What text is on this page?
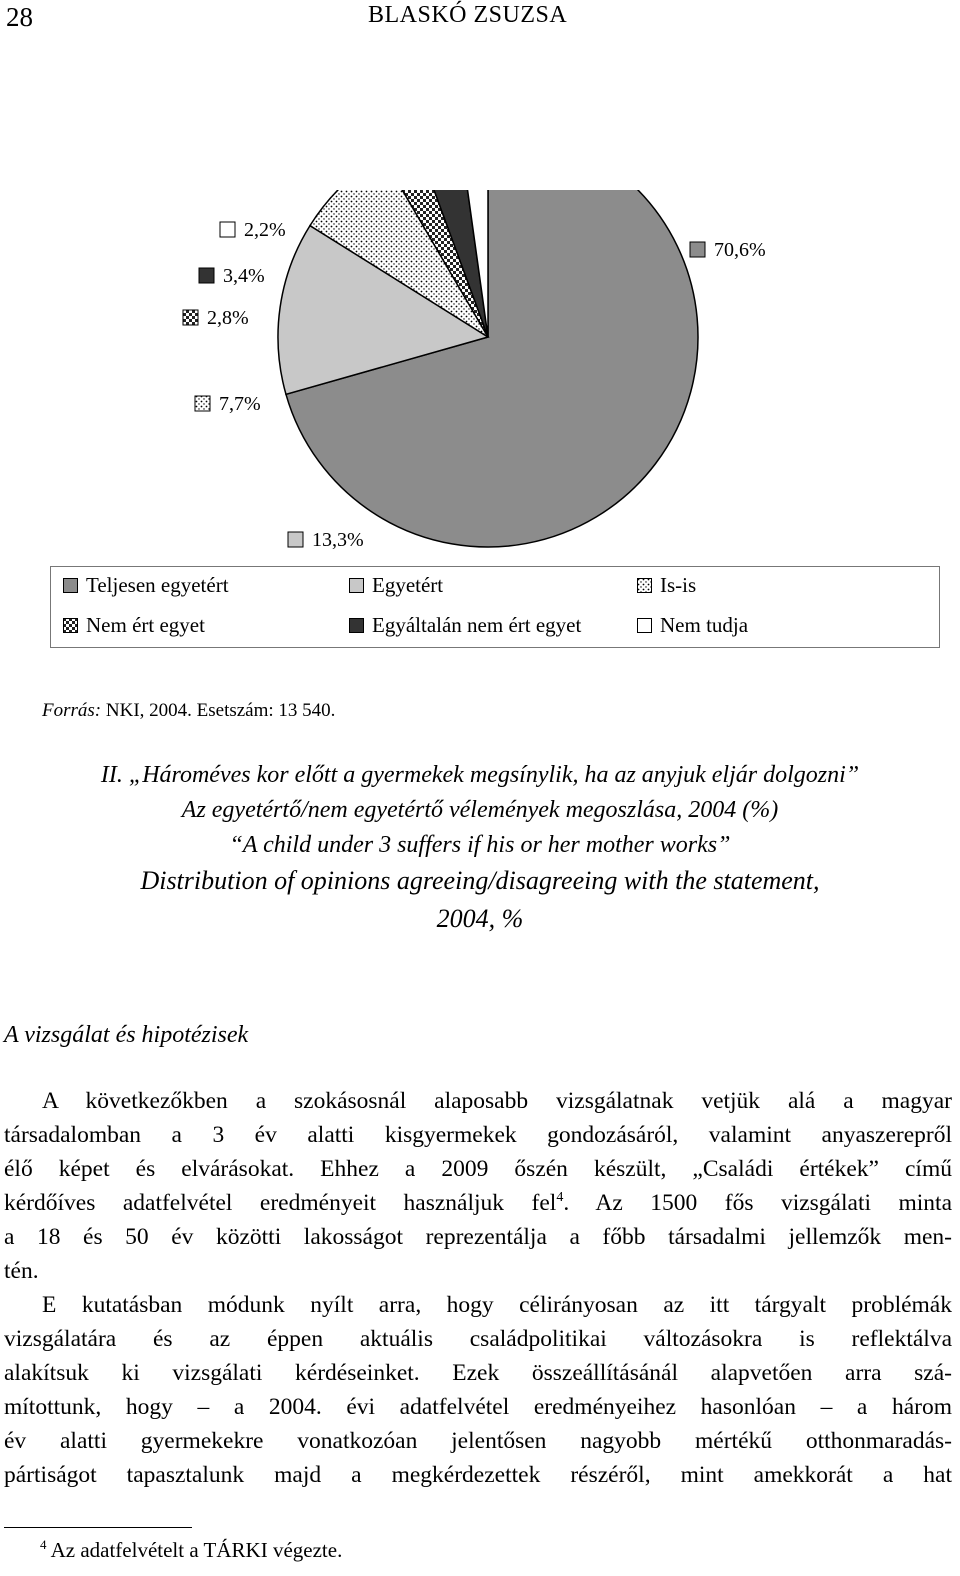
28	BLASKÓ ZSUZSA
70,6%
13,3%
7,7%
2,8%
3,4%
2,2%
Teljesen egyetért	Egyetért	Is-is
Nem ért egyet	Egyáltalán nem ért egyet	Nem tudja
Forrás: NKI, 2004. Esetszám: 13 540.
II. „Hároméves kor előtt a gyermekek megsínylik, ha az anyjuk eljár dolgozni”
Az egyetértő/nem egyetértő vélemények megoszlása, 2004 (%)
“A child under 3 suffers if his or her mother works”
Distribution of opinions agreeing/disagreeing with the statement,
2004, %
A vizsgálat és hipotézisek
A következőkben a szokásosnál alaposabb vizsgálatnak vetjük alá a magyar
társadalomban a 3 év alatti kisgyermekek gondozásáról, valamint anyaszerepről
élő képet és elvárásokat. Ehhez a 2009 őszén készült, „Családi értékek” című
kérdőíves adatfelvétel eredményeit használjuk fel$^4$. Az 1500 fős vizsgálati minta
a 18 és 50 év közötti lakosságot reprezentálja a főbb társadalmi jellemzők men-
tén.
E kutatásban módunk nyílt arra, hogy célirányosan az itt tárgyalt problémák
vizsgálatára és az éppen aktuális családpolitikai változásokra is reflektálva
alakítsuk ki vizsgálati kérdéseinket. Ezek összeállításánál alapvetően arra szá-
mítottunk, hogy – a 2004. évi adatfelvétel eredményeihez hasonlóan – a három
év alatti gyermekekre vonatkozóan jelentősen nagyobb mértékű otthonmaradás-
pártiságot tapasztalunk majd a megkérdezettek részéről, mint amekkorát a hat
$^4$ Az adatfelvételt a TÁRKI végezte.
